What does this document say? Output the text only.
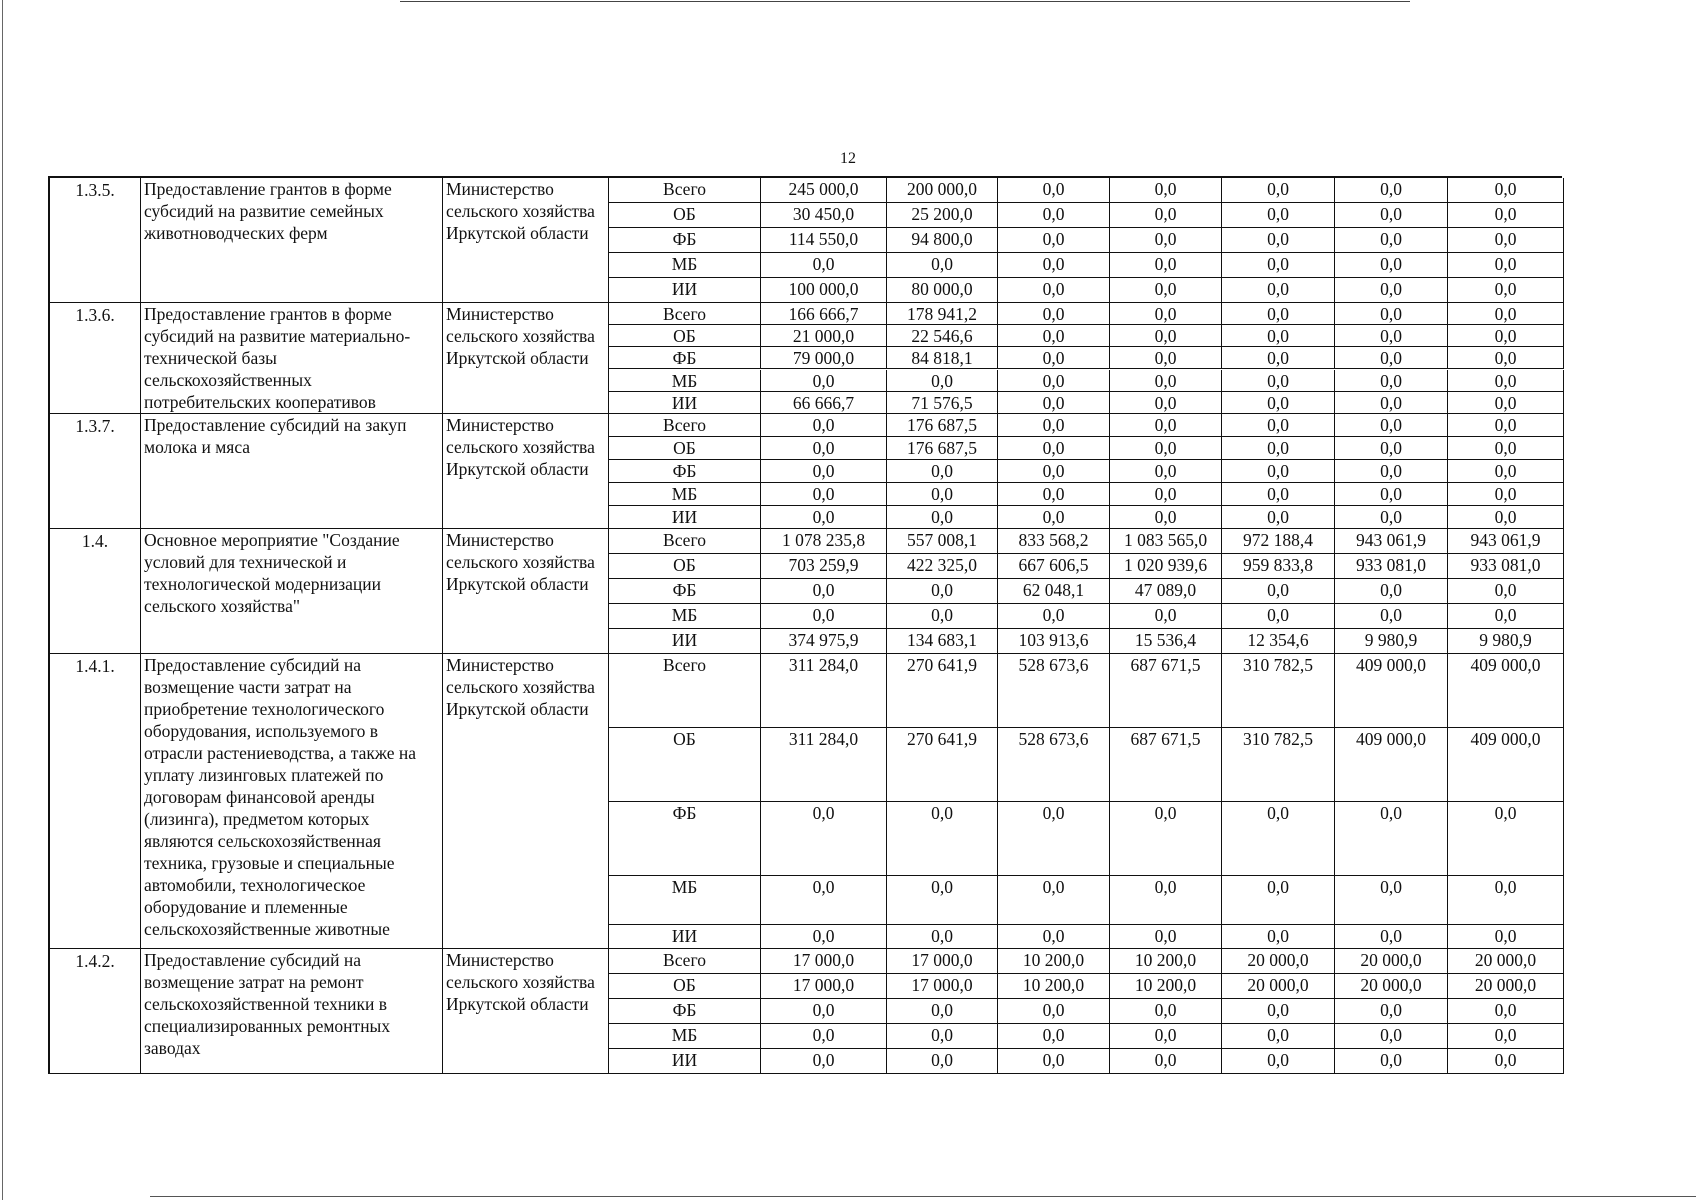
12
1.3.5.	Предоставление грантов в форме субсидий на развитие семейных животноводческих ферм
Министерство сельского хозяйства Иркутской области
Всего	245 000,0	200 000,0	0,0	0,0	0,0	0,0	0,0
ОБ	30 450,0	25 200,0	0,0	0,0	0,0	0,0	0,0
ФБ	114 550,0	94 800,0	0,0	0,0	0,0	0,0	0,0
МБ	0,0	0,0	0,0	0,0	0,0	0,0	0,0
ИИ	100 000,0	80 000,0	0,0	0,0	0,0	0,0	0,0
1.3.6.	Предоставление грантов в форме субсидий на развитие материально-технической базы сельскохозяйственных потребительских кооперативов
Министерство сельского хозяйства Иркутской области
Всего	166 666,7	178 941,2	0,0	0,0	0,0	0,0	0,0
ОБ	21 000,0	22 546,6	0,0	0,0	0,0	0,0	0,0
ФБ	79 000,0	84 818,1	0,0	0,0	0,0	0,0	0,0
МБ	0,0	0,0	0,0	0,0	0,0	0,0	0,0
ИИ	66 666,7	71 576,5	0,0	0,0	0,0	0,0	0,0
1.3.7.	Предоставление субсидий на закуп молока и мяса
Министерство сельского хозяйства Иркутской области
Всего	0,0	176 687,5	0,0	0,0	0,0	0,0	0,0
ОБ	0,0	176 687,5	0,0	0,0	0,0	0,0	0,0
ФБ	0,0	0,0	0,0	0,0	0,0	0,0	0,0
МБ	0,0	0,0	0,0	0,0	0,0	0,0	0,0
ИИ	0,0	0,0	0,0	0,0	0,0	0,0	0,0
1.4.	Основное мероприятие "Создание условий для технической и технологической модернизации сельского хозяйства"
Министерство сельского хозяйства Иркутской области
Всего	1 078 235,8	557 008,1	833 568,2	1 083 565,0	972 188,4	943 061,9	943 061,9
ОБ	703 259,9	422 325,0	667 606,5	1 020 939,6	959 833,8	933 081,0	933 081,0
ФБ	0,0	0,0	62 048,1	47 089,0	0,0	0,0	0,0
МБ	0,0	0,0	0,0	0,0	0,0	0,0	0,0
ИИ	374 975,9	134 683,1	103 913,6	15 536,4	12 354,6	9 980,9	9 980,9
1.4.1.	Предоставление субсидий на возмещение части затрат на приобретение технологического оборудования, используемого в отрасли растениеводства, а также на уплату лизинговых платежей по договорам финансовой аренды (лизинга), предметом которых являются сельскохозяйственная техника, грузовые и специальные автомобили, технологическое оборудование и племенные сельскохозяйственные животные
Министерство сельского хозяйства Иркутской области
Всего	311 284,0	270 641,9	528 673,6	687 671,5	310 782,5	409 000,0	409 000,0
ОБ	311 284,0	270 641,9	528 673,6	687 671,5	310 782,5	409 000,0	409 000,0
ФБ	0,0	0,0	0,0	0,0	0,0	0,0	0,0
МБ	0,0	0,0	0,0	0,0	0,0	0,0	0,0
ИИ	0,0	0,0	0,0	0,0	0,0	0,0	0,0
1.4.2.	Предоставление субсидий на возмещение затрат на ремонт сельскохозяйственной техники в специализированных ремонтных заводах
Министерство сельского хозяйства Иркутской области
Всего	17 000,0	17 000,0	10 200,0	10 200,0	20 000,0	20 000,0	20 000,0
ОБ	17 000,0	17 000,0	10 200,0	10 200,0	20 000,0	20 000,0	20 000,0
ФБ	0,0	0,0	0,0	0,0	0,0	0,0	0,0
МБ	0,0	0,0	0,0	0,0	0,0	0,0	0,0
ИИ	0,0	0,0	0,0	0,0	0,0	0,0	0,0
